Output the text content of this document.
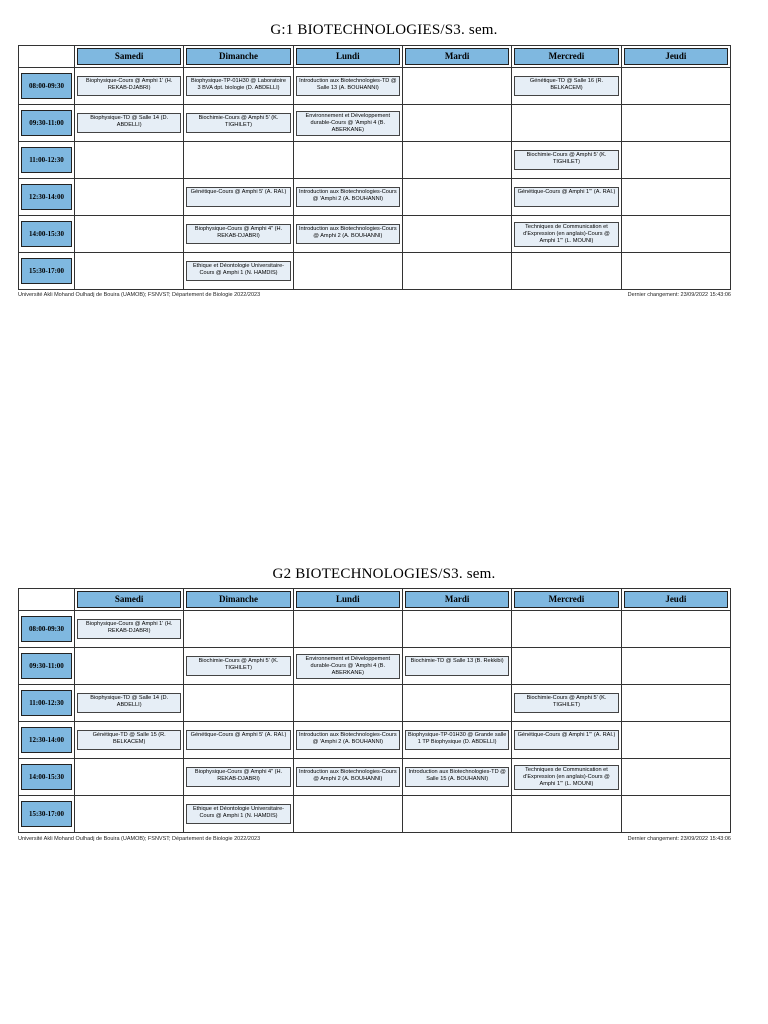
G:1 BIOTECHNOLOGIES/S3. sem.

	Samedi	Dimanche	Lundi	Mardi	Mercredi	Jeudi

08:00-09:30	Biophysique-Cours @ Amphi 1' (H. REKAB-DJABRI)	Biophysique-TP-01H30 @ Laboratoire 3 BVA dpt. biologie (D. ABDELLI)	Introduction aux Biotechnologies-TD @ Salle 13 (A. BOUHANNI)		Génétique-TD @ Salle 16 (R. BELKACEM)	

09:30-11:00	Biophysique-TD @ Salle 14 (D. ABDELLI)	Biochimie-Cours @ Amphi 5' (K. TIGHILET)	Environnement et Développement durable-Cours @ 'Amphi 4 (B. ABERKANE)			

11:00-12:30					Biochimie-Cours @ Amphi 5' (K. TIGHILET)	

12:30-14:00		Génétique-Cours @ Amphi 5' (A. RAI.)	Introduction aux Biotechnologies-Cours @ 'Amphi 2 (A. BOUHANNI)		Génétique-Cours @ Amphi 1''' (A. RAI.)	

14:00-15:30		Biophysique-Cours @ Amphi 4" (H. REKAB-DJABRI)	Introduction aux Biotechnologies-Cours @ Amphi 2 (A. BOUHANNI)		Techniques de Communication et d'Expression (en anglais)-Cours @ Amphi 1''' (L. MOUNI)	

15:30-17:00		Ethique et Déontologie Universitaire-Cours @ Amphi 1 (N. HAMDIS)				

Université Akli Mohand Oulhadj de Bouira (UAMOB); FSNVST; Département de Biologie 2022/2023	Dernier changement: 23/09/2022 15:43:06
G2 BIOTECHNOLOGIES/S3. sem.

	Samedi	Dimanche	Lundi	Mardi	Mercredi	Jeudi

08:00-09:30	Biophysique-Cours @ Amphi 1' (H. REKAB-DJABRI)					

09:30-11:00		Biochimie-Cours @ Amphi 5' (K. TIGHILET)	Environnement et Développement durable-Cours @ 'Amphi 4 (B. ABERKANE)	Biochimie-TD @ Salle 13 (B. Rekkibi)		

11:00-12:30	Biophysique-TD @ Salle 14 (D. ABDELLI)				Biochimie-Cours @ Amphi 5' (K. TIGHILET)	

12:30-14:00	Génétique-TD @ Salle 15 (R. BELKACEM)	Génétique-Cours @ Amphi 5' (A. RAI.)	Introduction aux Biotechnologies-Cours @ 'Amphi 2 (A. BOUHANNI)	Biophysique-TP-01H30 @ Grande salle 1 TP Biophysique (D. ABDELLI)	Génétique-Cours @ Amphi 1''' (A. RAI.)	

14:00-15:30		Biophysique-Cours @ Amphi 4" (H. REKAB-DJABRI)	Introduction aux Biotechnologies-Cours @ Amphi 2 (A. BOUHANNI)	Introduction aux Biotechnologies-TD @ Salle 15 (A. BOUHANNI)	Techniques de Communication et d'Expression (en anglais)-Cours @ Amphi 1''' (L. MOUNI)	

15:30-17:00		Ethique et Déontologie Universitaire-Cours @ Amphi 1 (N. HAMDIS)				

Université Akli Mohand Oulhadj de Bouira (UAMOB); FSNVST; Département de Biologie 2022/2023	Dernier changement: 23/09/2022 15:43:06
